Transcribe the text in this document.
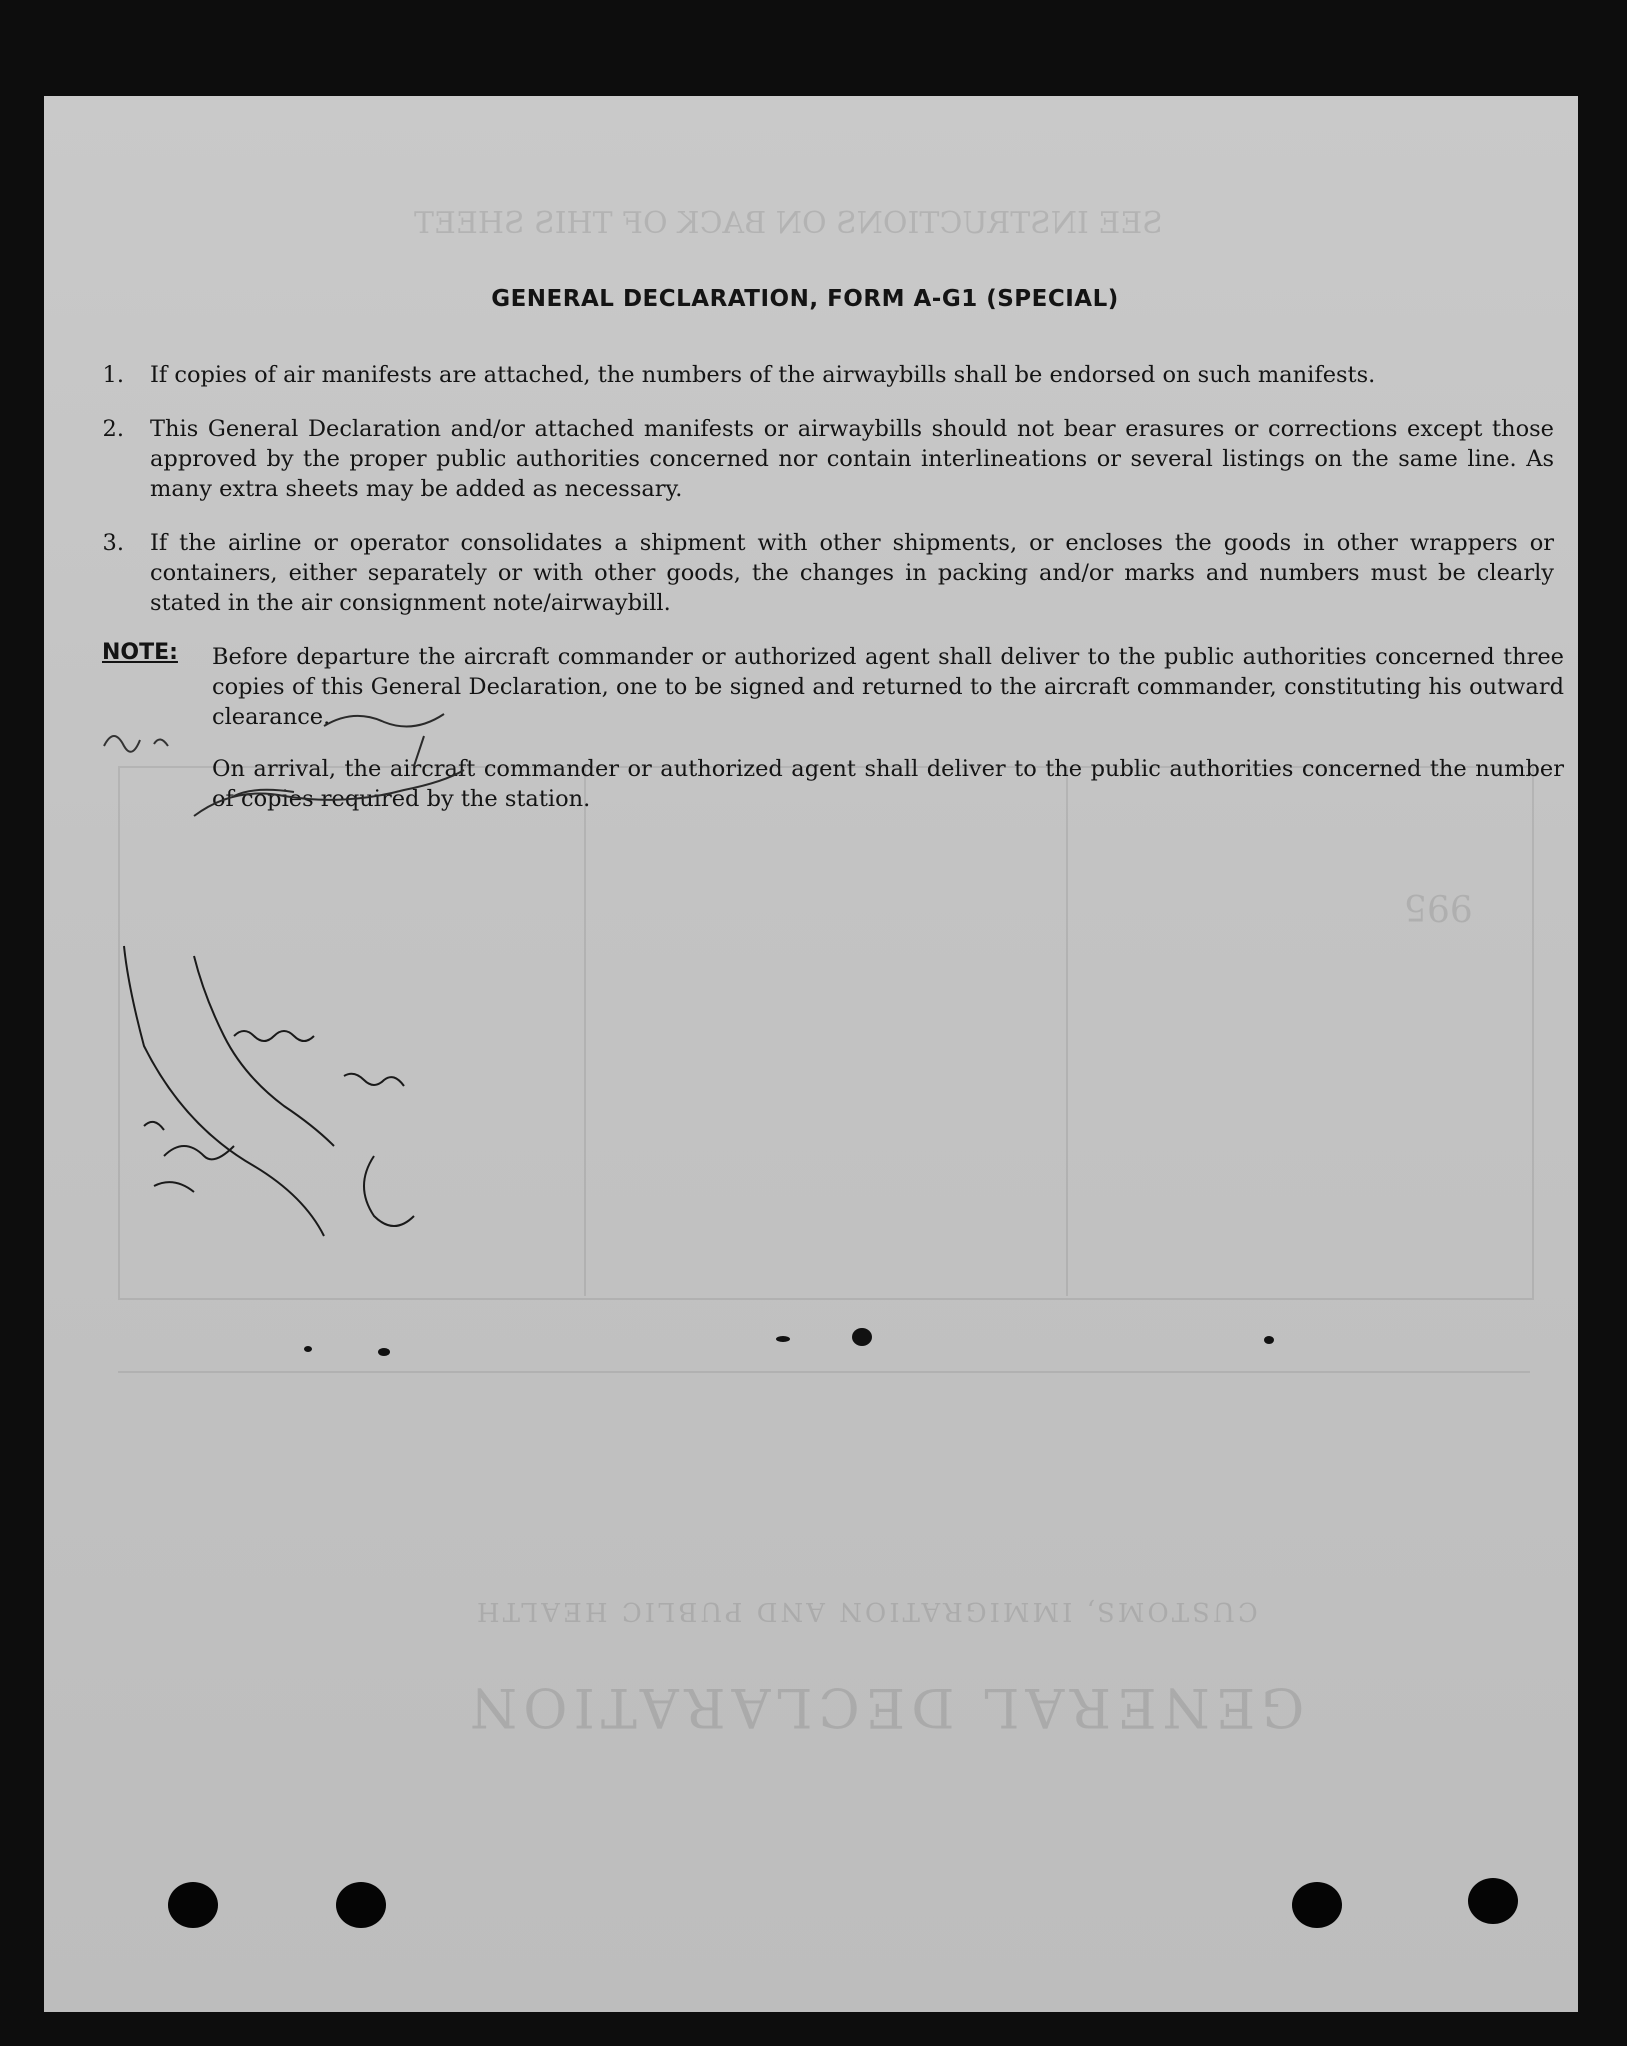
SEE INSTRUCTIONS ON BACK OF THIS SHEET
GENERAL DECLARATION
CUSTOMS, IMMIGRATION AND PUBLIC HEALTH
995
GENERAL DECLARATION, FORM A-G1 (SPECIAL)
1. If copies of air manifests are attached, the numbers of the airwaybills shall be endorsed on such manifests.
2. This General Declaration and/or attached manifests or airwaybills should not bear erasures or corrections except those approved by the proper public authorities concerned nor contain interlineations or several listings on the same line. As many extra sheets may be added as necessary.
3. If the airline or operator consolidates a shipment with other shipments, or encloses the goods in other wrappers or containers, either separately or with other goods, the changes in packing and/or marks and numbers must be clearly stated in the air consignment note/airwaybill.
NOTE: Before departure the aircraft commander or authorized agent shall deliver to the public authorities concerned three copies of this General Declaration, one to be signed and returned to the aircraft commander, constituting his outward clearance.
On arrival, the aircraft commander or authorized agent shall deliver to the public authorities concerned the number of copies required by the station.
